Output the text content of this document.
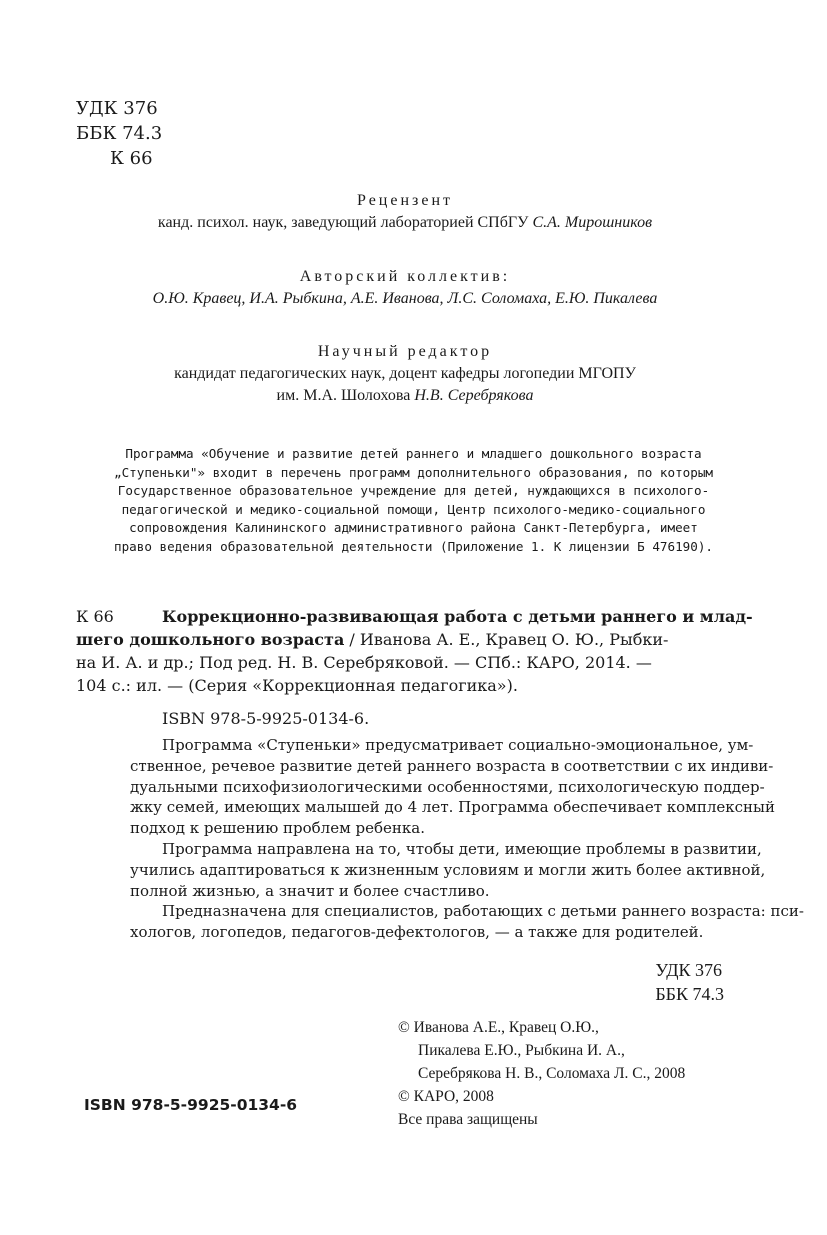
УДК 376
ББК 74.3
К 66
Рецензент
канд. психол. наук, заведующий лабораторией СПбГУ С.А. Мирошников
Авторский коллектив:
О.Ю. Кравец, И.А. Рыбкина, А.Е. Иванова, Л.С. Соломаха, Е.Ю. Пикалева
Научный редактор
кандидат педагогических наук, доцент кафедры логопедии МГОПУ
им. М.А. Шолохова Н.В. Серебрякова
Программа «Обучение и развитие детей раннего и младшего дошкольного возраста
„Ступеньки"» входит в перечень программ дополнительного образования, по которым
Государственное образовательное учреждение для детей, нуждающихся в психолого-
педагогической и медико-социальной помощи, Центр психолого-медико-социального
сопровождения Калининского административного района Санкт-Петербурга, имеет
право ведения образовательной деятельности (Приложение 1. К лицензии Б 476190).
К 66	Коррекционно-развивающая работа с детьми раннего и млад-
шего дошкольного возраста / Иванова А. Е., Кравец О. Ю., Рыбки-
на И. А. и др.; Под ред. Н. В. Серебряковой. — СПб.: КАРО, 2014. —
104 с.: ил. — (Серия «Коррекционная педагогика»).
ISBN 978-5-9925-0134-6.
Программа «Ступеньки» предусматривает социально-эмоциональное, ум-
ственное, речевое развитие детей раннего возраста в соответствии с их индиви-
дуальными психофизиологическими особенностями, психологическую поддер-
жку семей, имеющих малышей до 4 лет. Программа обеспечивает комплексный
подход к решению проблем ребенка.
Программа направлена на то, чтобы дети, имеющие проблемы в развитии,
учились адаптироваться к жизненным условиям и могли жить более активной,
полной жизнью, а значит и более счастливо.
Предназначена для специалистов, работающих с детьми раннего возраста: пси-
хологов, логопедов, педагогов-дефектологов, — а также для родителей.
УДК 376
ББК 74.3
© Иванова А.Е., Кравец О.Ю.,
Пикалева Е.Ю., Рыбкина И. А.,
Серебрякова Н. В., Соломаха Л. С., 2008
© КАРО, 2008
Все права защищены
ISBN 978-5-9925-0134-6
